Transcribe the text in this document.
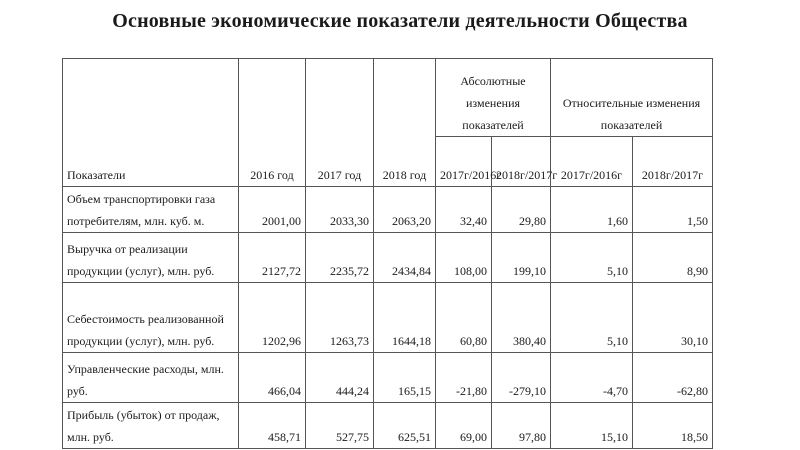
Основные экономические показатели деятельности Общества
Показатели	2016 год	2017 год	2018 год	Абсолютные изменения показателей		Относительные изменения показателей	
				2017г/2016г	2018г/2017г	2017г/2016г	2018г/2017г
Объем транспортировки газа потребителям, млн. куб. м.	2001,00	2033,30	2063,20	32,40	29,80	1,60	1,50
Выручка от реализации продукции (услуг), млн. руб.	2127,72	2235,72	2434,84	108,00	199,10	5,10	8,90
Себестоимость реализованной продукции (услуг), млн. руб.	1202,96	1263,73	1644,18	60,80	380,40	5,10	30,10
Управленческие расходы, млн. руб.	466,04	444,24	165,15	-21,80	-279,10	-4,70	-62,80
Прибыль (убыток) от продаж, млн. руб.	458,71	527,75	625,51	69,00	97,80	15,10	18,50
